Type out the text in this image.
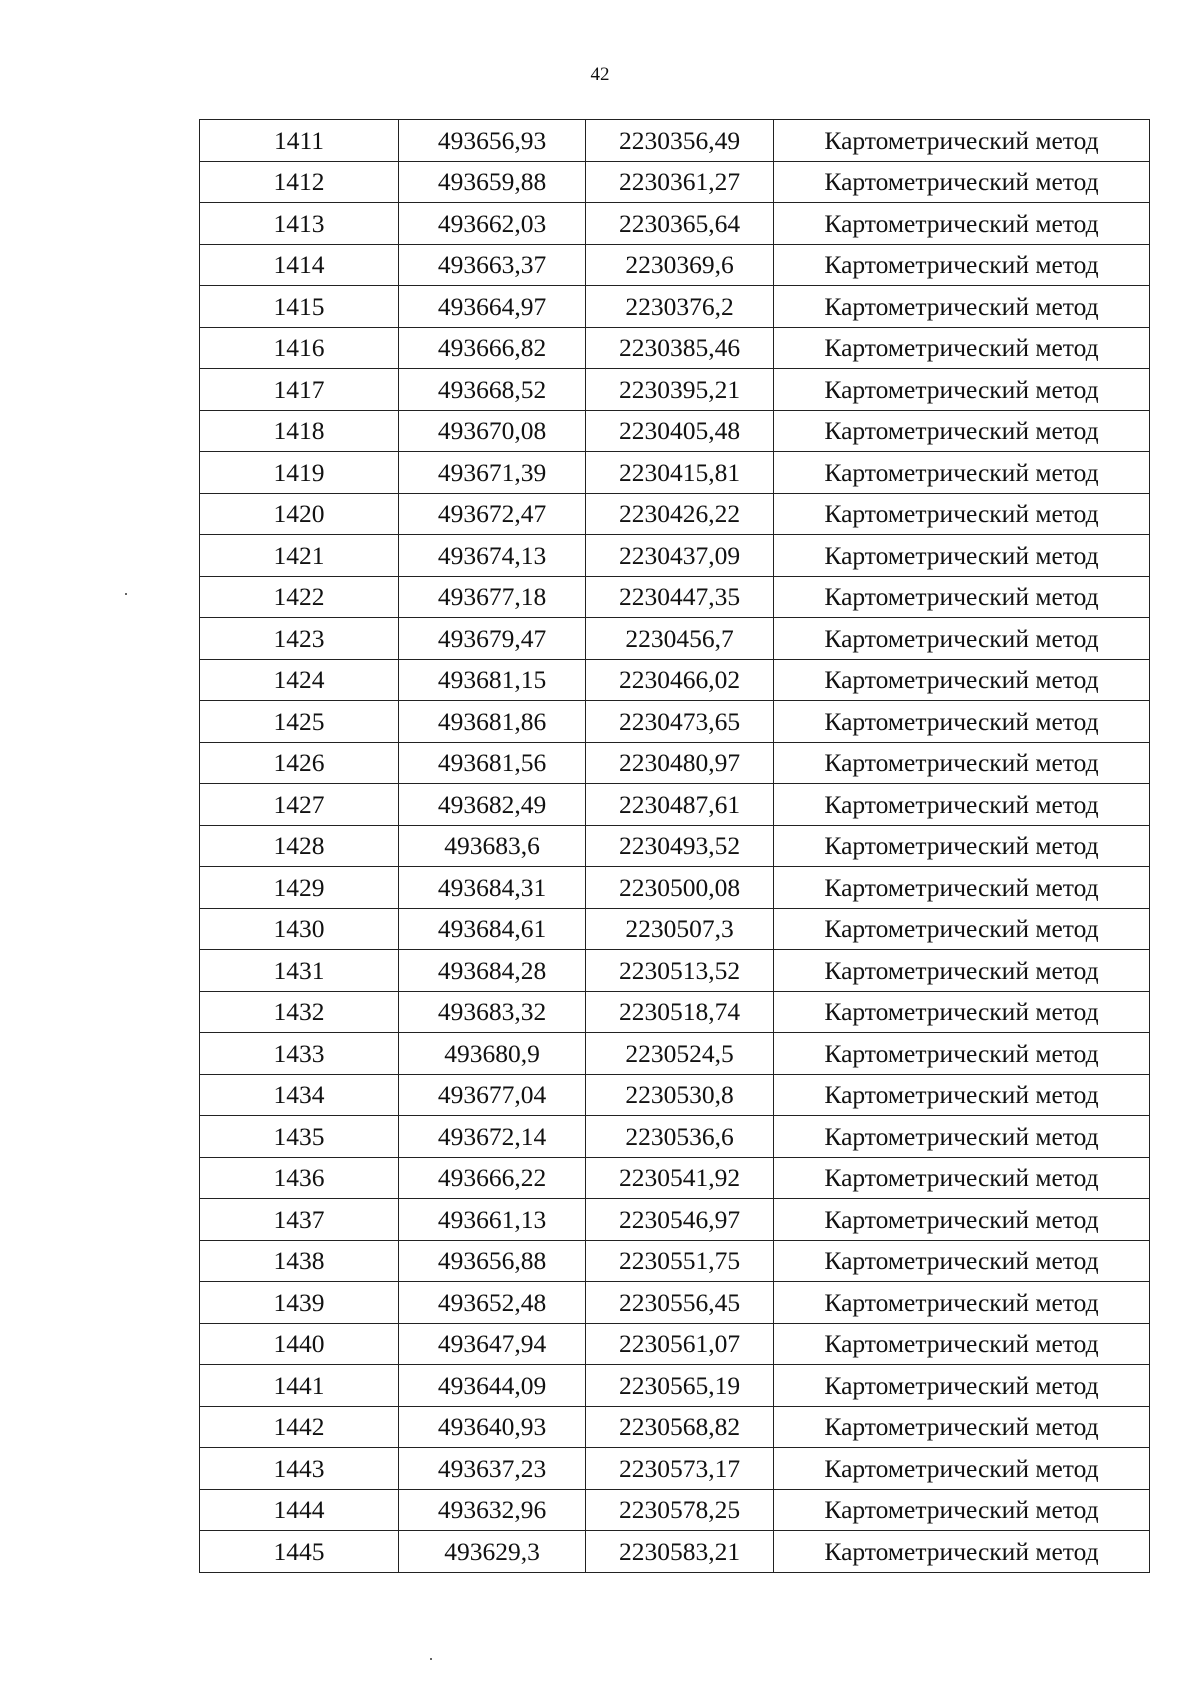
42
1411	493656,93	2230356,49	Картометрический метод
1412	493659,88	2230361,27	Картометрический метод
1413	493662,03	2230365,64	Картометрический метод
1414	493663,37	2230369,6	Картометрический метод
1415	493664,97	2230376,2	Картометрический метод
1416	493666,82	2230385,46	Картометрический метод
1417	493668,52	2230395,21	Картометрический метод
1418	493670,08	2230405,48	Картометрический метод
1419	493671,39	2230415,81	Картометрический метод
1420	493672,47	2230426,22	Картометрический метод
1421	493674,13	2230437,09	Картометрический метод
1422	493677,18	2230447,35	Картометрический метод
1423	493679,47	2230456,7	Картометрический метод
1424	493681,15	2230466,02	Картометрический метод
1425	493681,86	2230473,65	Картометрический метод
1426	493681,56	2230480,97	Картометрический метод
1427	493682,49	2230487,61	Картометрический метод
1428	493683,6	2230493,52	Картометрический метод
1429	493684,31	2230500,08	Картометрический метод
1430	493684,61	2230507,3	Картометрический метод
1431	493684,28	2230513,52	Картометрический метод
1432	493683,32	2230518,74	Картометрический метод
1433	493680,9	2230524,5	Картометрический метод
1434	493677,04	2230530,8	Картометрический метод
1435	493672,14	2230536,6	Картометрический метод
1436	493666,22	2230541,92	Картометрический метод
1437	493661,13	2230546,97	Картометрический метод
1438	493656,88	2230551,75	Картометрический метод
1439	493652,48	2230556,45	Картометрический метод
1440	493647,94	2230561,07	Картометрический метод
1441	493644,09	2230565,19	Картометрический метод
1442	493640,93	2230568,82	Картометрический метод
1443	493637,23	2230573,17	Картометрический метод
1444	493632,96	2230578,25	Картометрический метод
1445	493629,3	2230583,21	Картометрический метод
